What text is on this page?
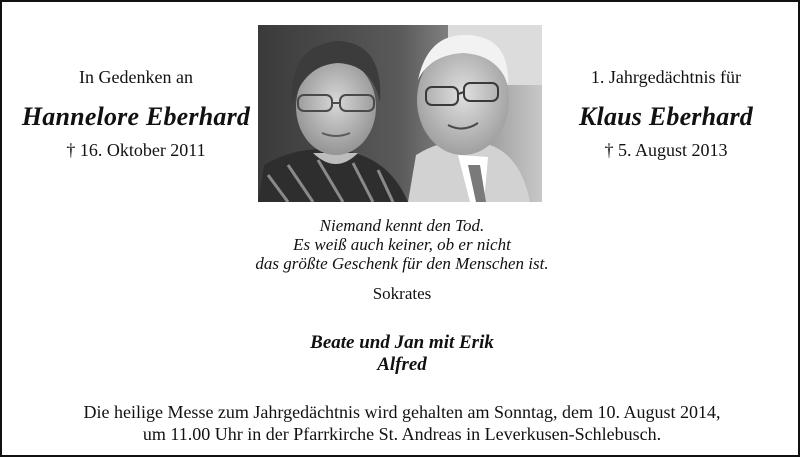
In Gedenken an
Hannelore Eberhard
† 16. Oktober 2011
1. Jahrgedächtnis für
Klaus Eberhard
† 5. August 2013
Niemand kennt den Tod.
Es weiß auch keiner, ob er nicht
das größte Geschenk für den Menschen ist.
Sokrates
Beate und Jan mit Erik
Alfred
Die heilige Messe zum Jahrgedächtnis wird gehalten am Sonntag, dem 10. August 2014,
um 11.00 Uhr in der Pfarrkirche St. Andreas in Leverkusen-Schlebusch.
